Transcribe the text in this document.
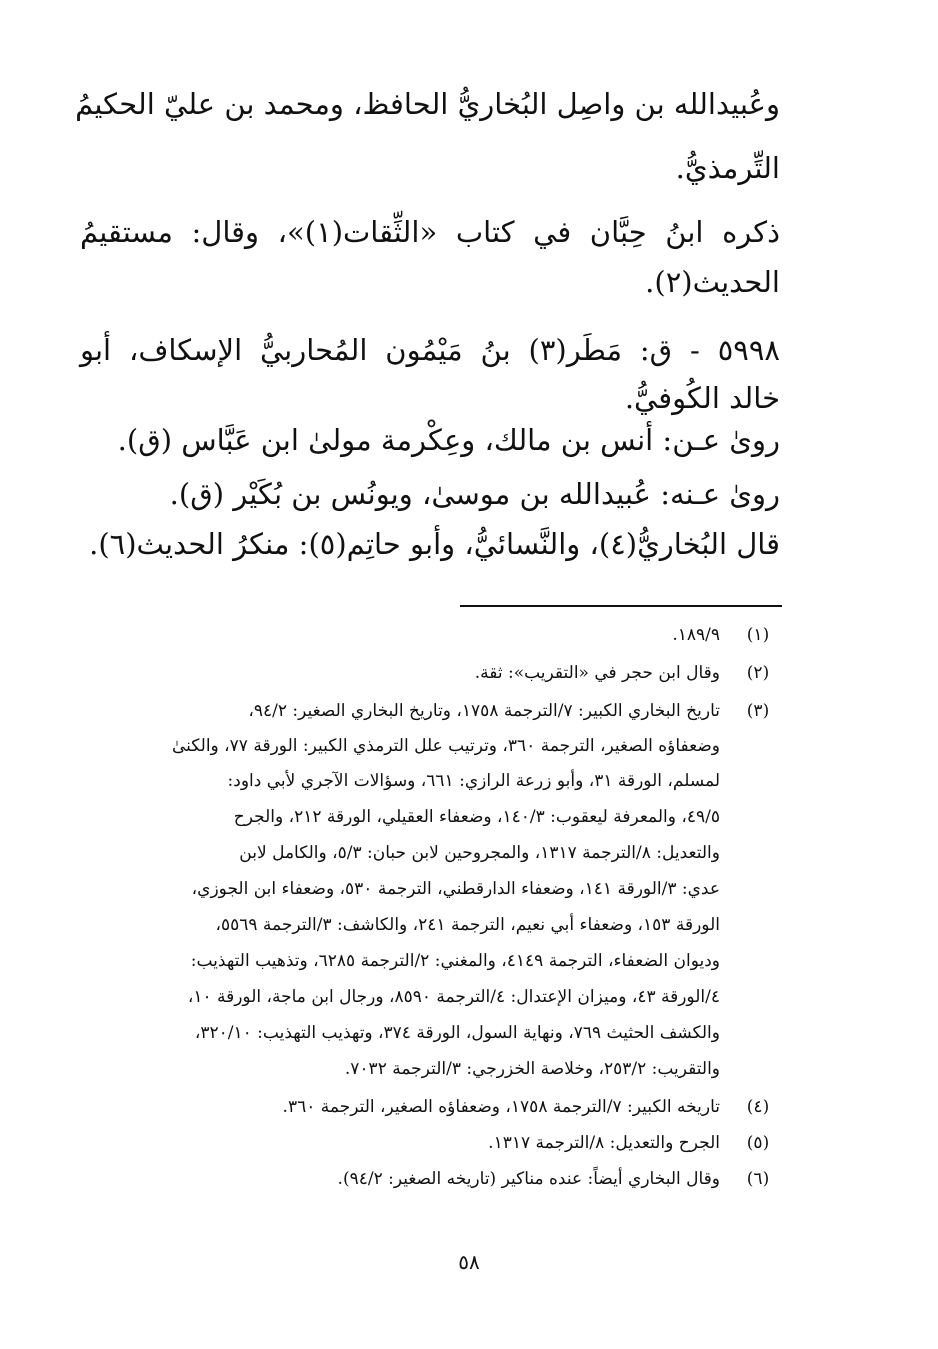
وعُبيدالله بن واصِل البُخاريُّ الحافظ، ومحمد بن عليّ الحكيمُ
التِّرمذيُّ.
ذكره ابنُ حِبَّان في كتاب «الثِّقات(١)»، وقال: مستقيمُ
الحديث(٢).
٥٩٩٨ - ق: مَطَر(٣) بنُ مَيْمُون المُحاربيُّ الإسكاف، أبو
خالد الكُوفيُّ.
روىٰ عـن: أنس بن مالك، وعِكْرمة مولىٰ ابن عَبَّاس (ق).
روىٰ عـنه: عُبيدالله بن موسىٰ، ويونُس بن بُكَيْر (ق).
قال البُخاريُّ(٤)، والنَّسائيُّ، وأبو حاتِم(٥): منكرُ الحديث(٦).
(١)
١٨٩/٩.
(٢)
وقال ابن حجر في «التقريب»: ثقة.
(٣)
تاريخ البخاري الكبير: ٧/الترجمة ١٧٥٨، وتاريخ البخاري الصغير: ٩٤/٢،
وضعفاؤه الصغير، الترجمة ٣٦٠، وترتيب علل الترمذي الكبير: الورقة ٧٧، والكنىٰ
لمسلم، الورقة ٣١، وأبو زرعة الرازي: ٦٦١، وسؤالات الآجري لأبي داود:
٤٩/٥، والمعرفة ليعقوب: ١٤٠/٣، وضعفاء العقيلي، الورقة ٢١٢، والجرح
والتعديل: ٨/الترجمة ١٣١٧، والمجروحين لابن حبان: ٥/٣، والكامل لابن
عدي: ٣/الورقة ١٤١، وضعفاء الدارقطني، الترجمة ٥٣٠، وضعفاء ابن الجوزي،
الورقة ١٥٣، وضعفاء أبي نعيم، الترجمة ٢٤١، والكاشف: ٣/الترجمة ٥٥٦٩،
وديوان الضعفاء، الترجمة ٤١٤٩، والمغني: ٢/الترجمة ٦٢٨٥، وتذهيب التهذيب:
٤/الورقة ٤٣، وميزان الإعتدال: ٤/الترجمة ٨٥٩٠، ورجال ابن ماجة، الورقة ١٠،
والكشف الحثيث ٧٦٩، ونهاية السول، الورقة ٣٧٤، وتهذيب التهذيب: ٣٢٠/١٠،
والتقريب: ٢٥٣/٢، وخلاصة الخزرجي: ٣/الترجمة ٧٠٣٢.
(٤)
تاريخه الكبير: ٧/الترجمة ١٧٥٨، وضعفاؤه الصغير، الترجمة ٣٦٠.
(٥)
الجرح والتعديل: ٨/الترجمة ١٣١٧.
(٦)
وقال البخاري أيضاً: عنده مناكير (تاريخه الصغير: ٩٤/٢).
٥٨
